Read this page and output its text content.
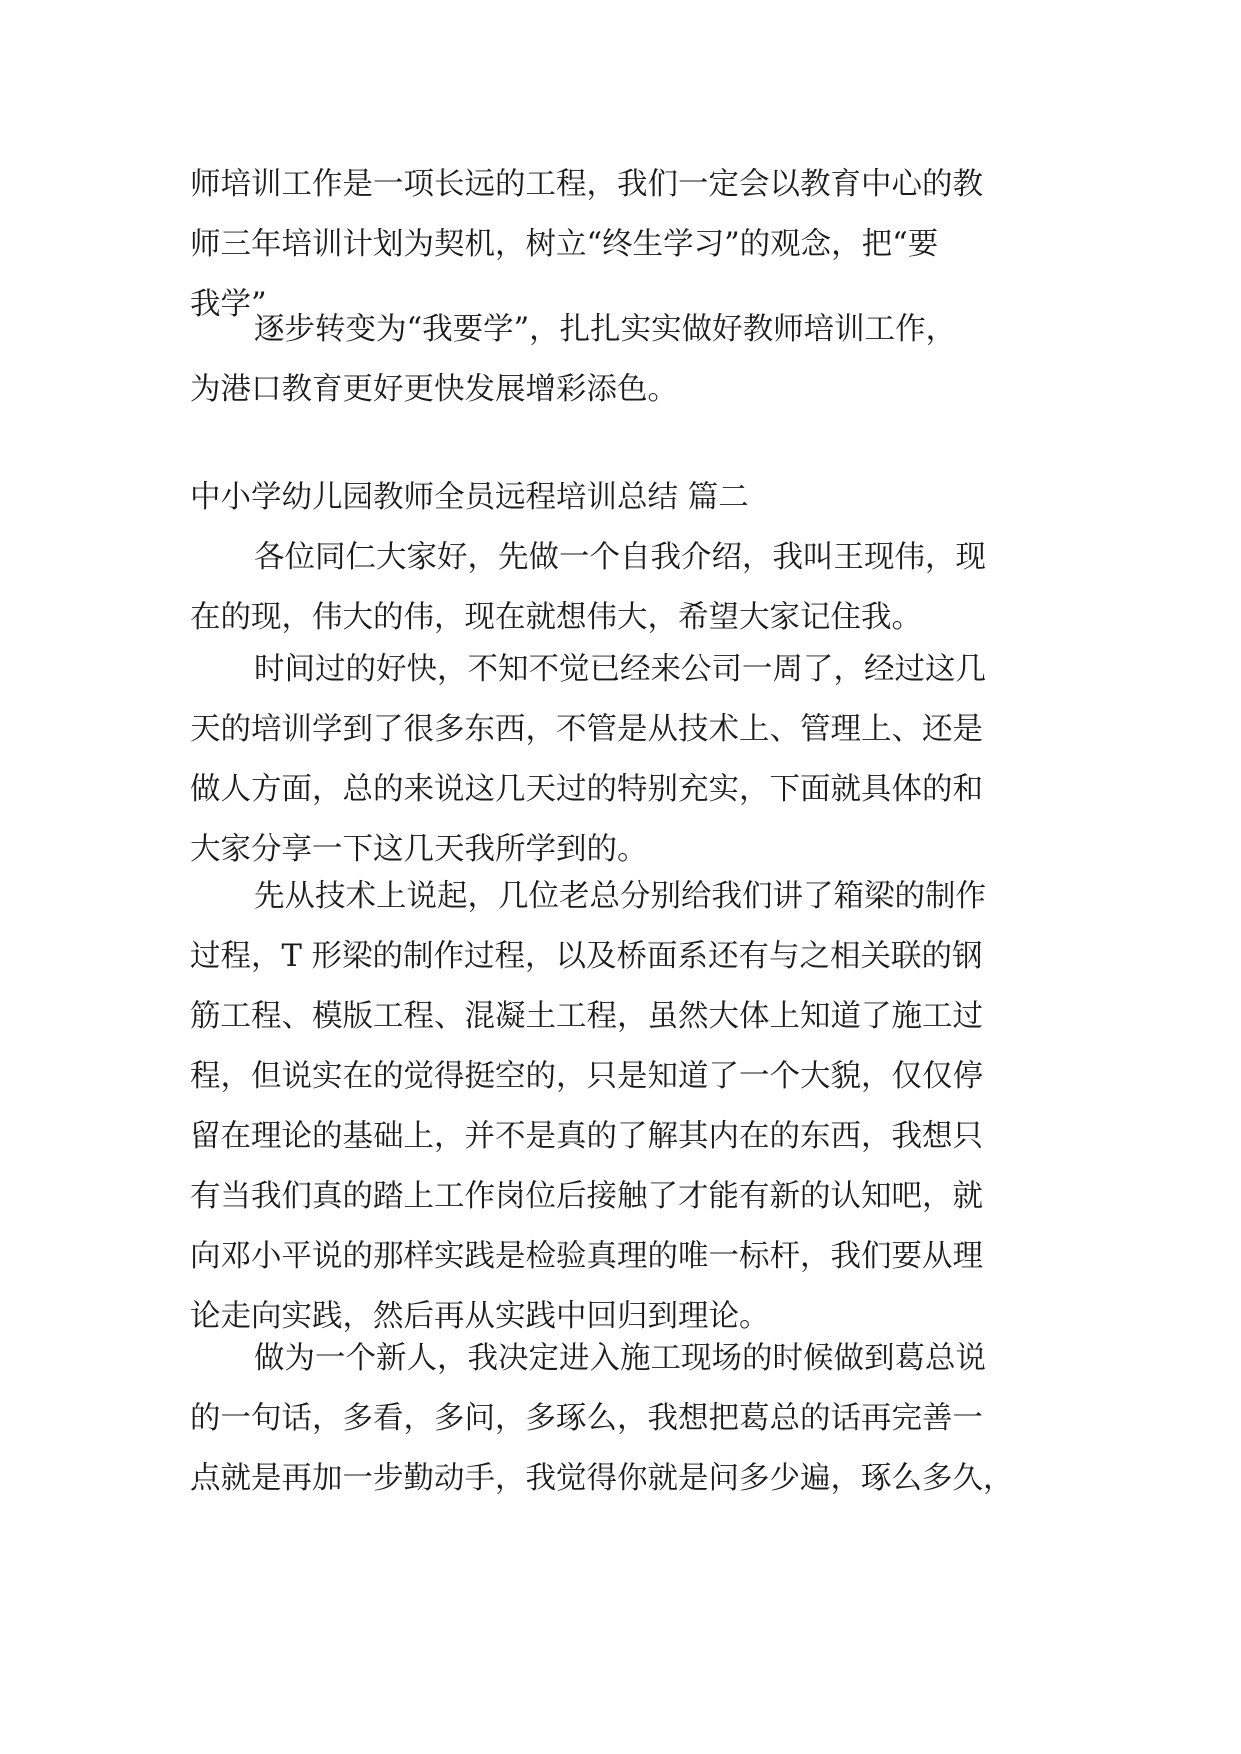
师培训工作是一项长远的工程，我们一定会以教育中心的教
师三年培训计划为契机，树立“终生学习”的观念，把“要
我学”
逐步转变为“我要学”，扎扎实实做好教师培训工作，
为港口教育更好更快发展增彩添色。
中小学幼儿园教师全员远程培训总结 篇二
各位同仁大家好，先做一个自我介绍，我叫王现伟，现
在的现，伟大的伟，现在就想伟大，希望大家记住我。
时间过的好快，不知不觉已经来公司一周了，经过这几
天的培训学到了很多东西，不管是从技术上、管理上、还是
做人方面，总的来说这几天过的特别充实，下面就具体的和
大家分享一下这几天我所学到的。
先从技术上说起，几位老总分别给我们讲了箱梁的制作
过程，T 形梁的制作过程，以及桥面系还有与之相关联的钢
筋工程、模版工程、混凝土工程，虽然大体上知道了施工过
程，但说实在的觉得挺空的，只是知道了一个大貌，仅仅停
留在理论的基础上，并不是真的了解其内在的东西，我想只
有当我们真的踏上工作岗位后接触了才能有新的认知吧，就
向邓小平说的那样实践是检验真理的唯一标杆，我们要从理
论走向实践，然后再从实践中回归到理论。
做为一个新人，我决定进入施工现场的时候做到葛总说
的一句话，多看，多问，多琢么，我想把葛总的话再完善一
点就是再加一步勤动手，我觉得你就是问多少遍，琢么多久，
